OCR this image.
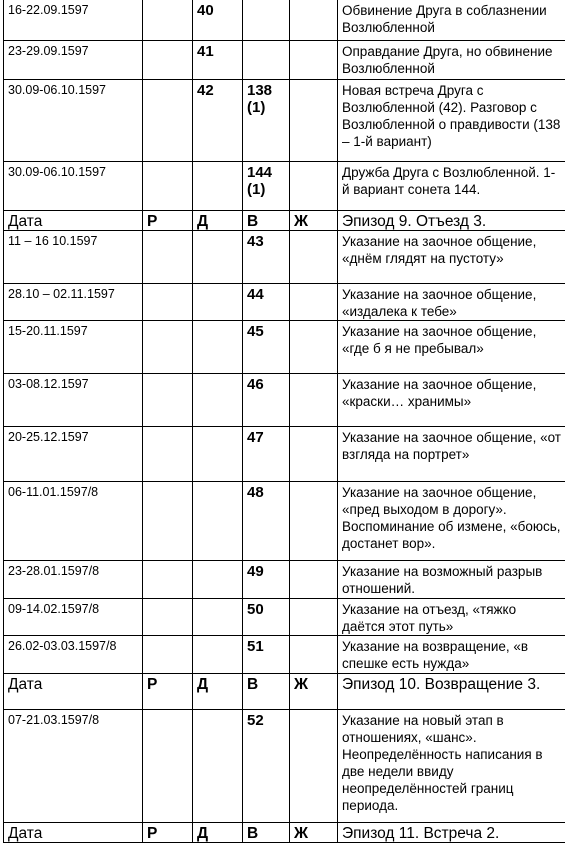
16-22.09.1597		40			Обвинение Друга в соблазнении Возлюбленной
23-29.09.1597		41			Оправдание Друга, но обвинение Возлюбленной
30.09-06.10.1597		42	138 (1)		Новая встреча Друга с Возлюбленной (42). Разговор с Возлюбленной о правдивости (138 – 1-й вариант)
30.09-06.10.1597			144 (1)		Дружба Друга с Возлюбленной. 1-й вариант сонета 144.
Дата	Р	Д	В	Ж	Эпизод 9. Отъезд 3.
11 – 16 10.1597			43		Указание на заочное общение, «днём глядят на пустоту»
28.10 – 02.11.1597			44		Указание на заочное общение, «издалека к тебе»
15-20.11.1597			45		Указание на заочное общение, «где б я не пребывал»
03-08.12.1597			46		Указание на заочное общение, «краски… хранимы»
20-25.12.1597			47		Указание на заочное общение, «от взгляда на портрет»
06-11.01.1597/8			48		Указание на заочное общение, «пред выходом в дорогу». Воспоминание об измене, «боюсь, достанет вор».
23-28.01.1597/8			49		Указание на возможный разрыв отношений.
09-14.02.1597/8			50		Указание на отъезд, «тяжко даётся этот путь»
26.02-03.03.1597/8			51		Указание на возвращение, «в спешке есть нужда»
Дата	Р	Д	В	Ж	Эпизод 10. Возвращение 3.
07-21.03.1597/8			52		Указание на новый этап в отношениях, «шанс». Неопределённость написания в две недели ввиду неопределённостей границ периода.
Дата	Р	Д	В	Ж	Эпизод 11. Встреча 2.
